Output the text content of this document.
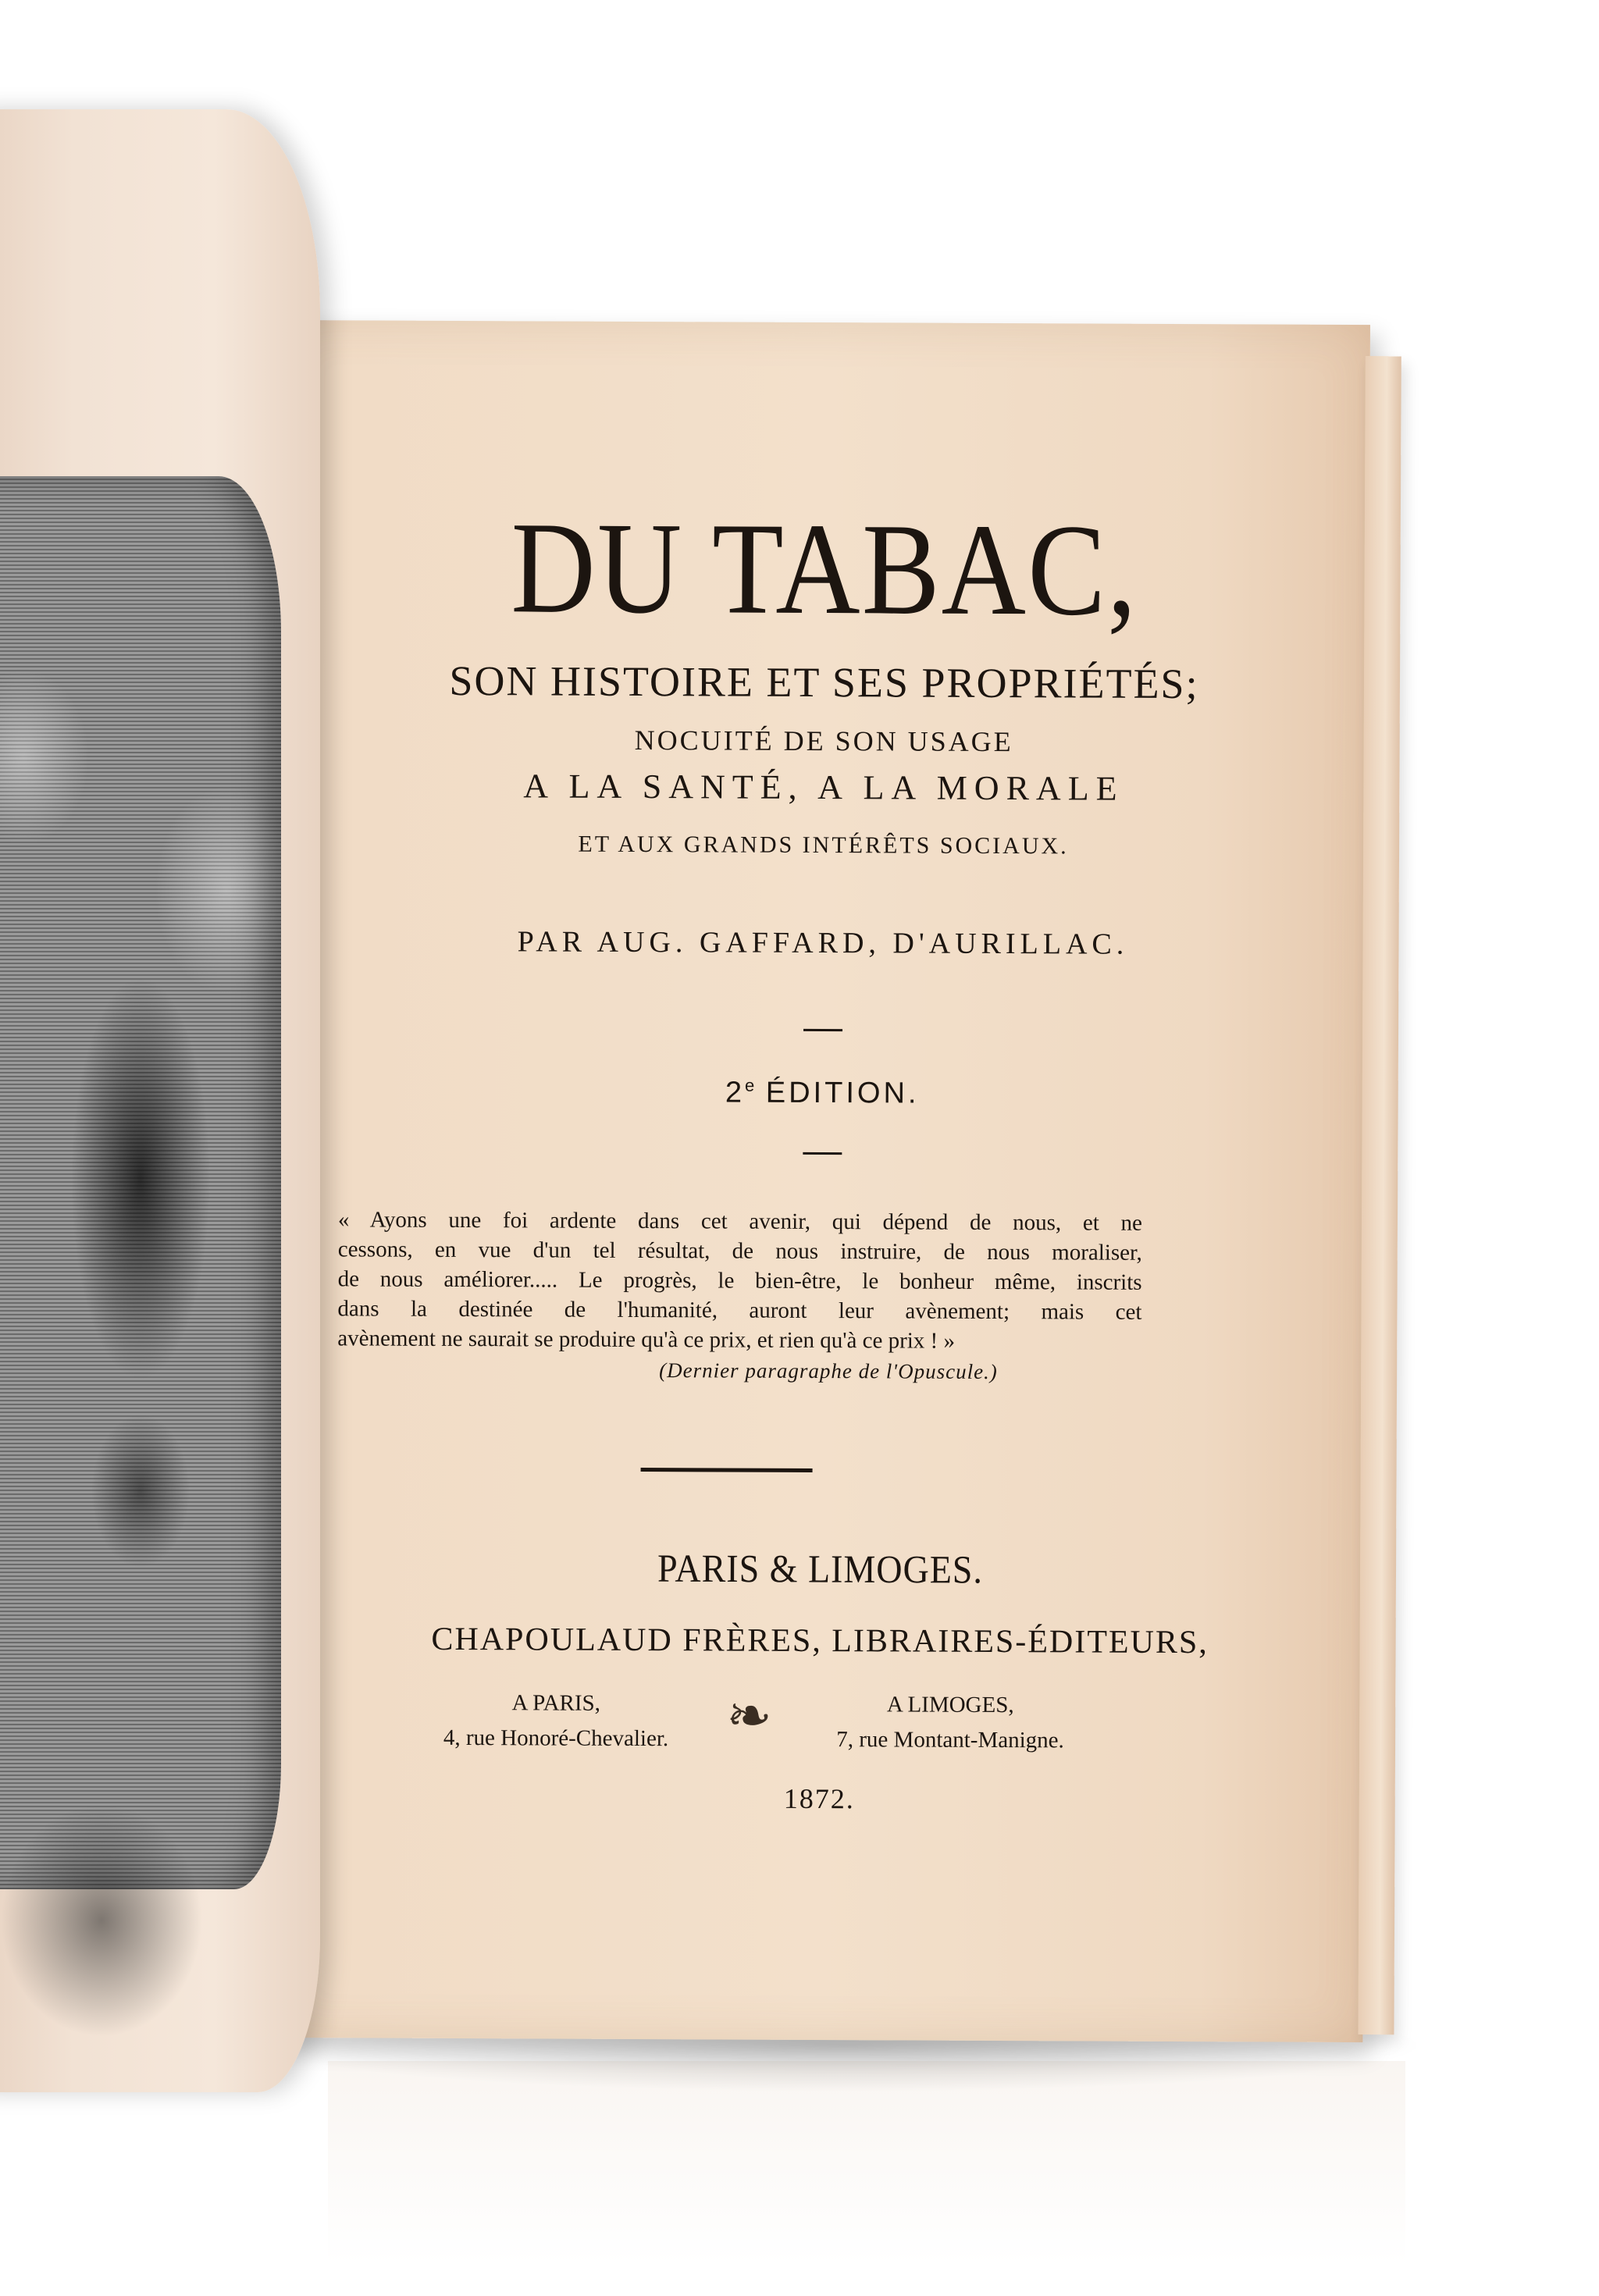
DU TABAC,
SON HISTOIRE ET SES PROPRIÉTÉS;
NOCUITÉ DE SON USAGE
A LA SANTÉ, A LA MORALE
ET AUX GRANDS INTÉRÊTS SOCIAUX.
PAR AUG. GAFFARD, D'AURILLAC.
2e ÉDITION.

« Ayons une foi ardente dans cet avenir, qui dépend de nous, et ne

cessons, en vue d'un tel résultat, de nous instruire, de nous moraliser,

de nous améliorer..... Le progrès, le bien-être, le bonheur même, inscrits

dans la destinée de l'humanité, auront leur avènement; mais cet

avènement ne saurait se produire qu'à ce prix, et rien qu'à ce prix ! »

(Dernier paragraphe de l'Opuscule.)
PARIS & LIMOGES.
CHAPOULAUD FRÈRES, LIBRAIRES-ÉDITEURS,
A PARIS,
4, rue Honoré-Chevalier.	❧	A LIMOGES,
7, rue Montant-Manigne.
1872.
